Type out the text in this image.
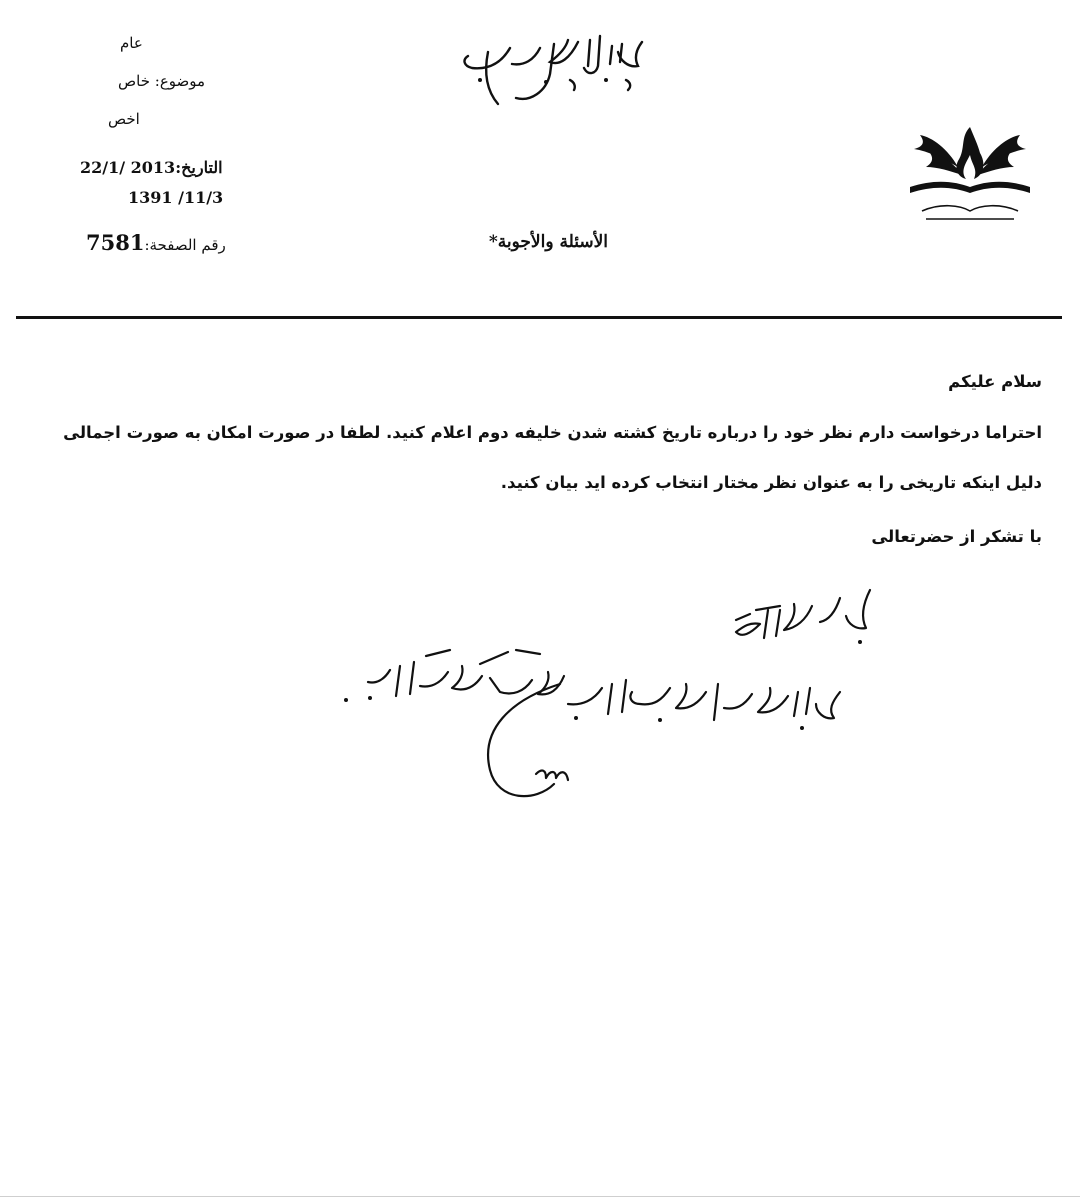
عام
موضوع: خاص
اخص
التاريخ:22/1/ 2013
1391 /11/3
رقم الصفحة:7581	الأسئلة والأجوبة*
سلام علیکم
احتراما درخواست دارم نظر خود را درباره تاریخ کشته شدن خلیفه دوم اعلام کنید. لطفا در صورت امکان به صورت اجمالی
دلیل اینکه تاریخی را به عنوان نظر مختار انتخاب کرده اید بیان کنید.
با تشکر از حضرتعالی
